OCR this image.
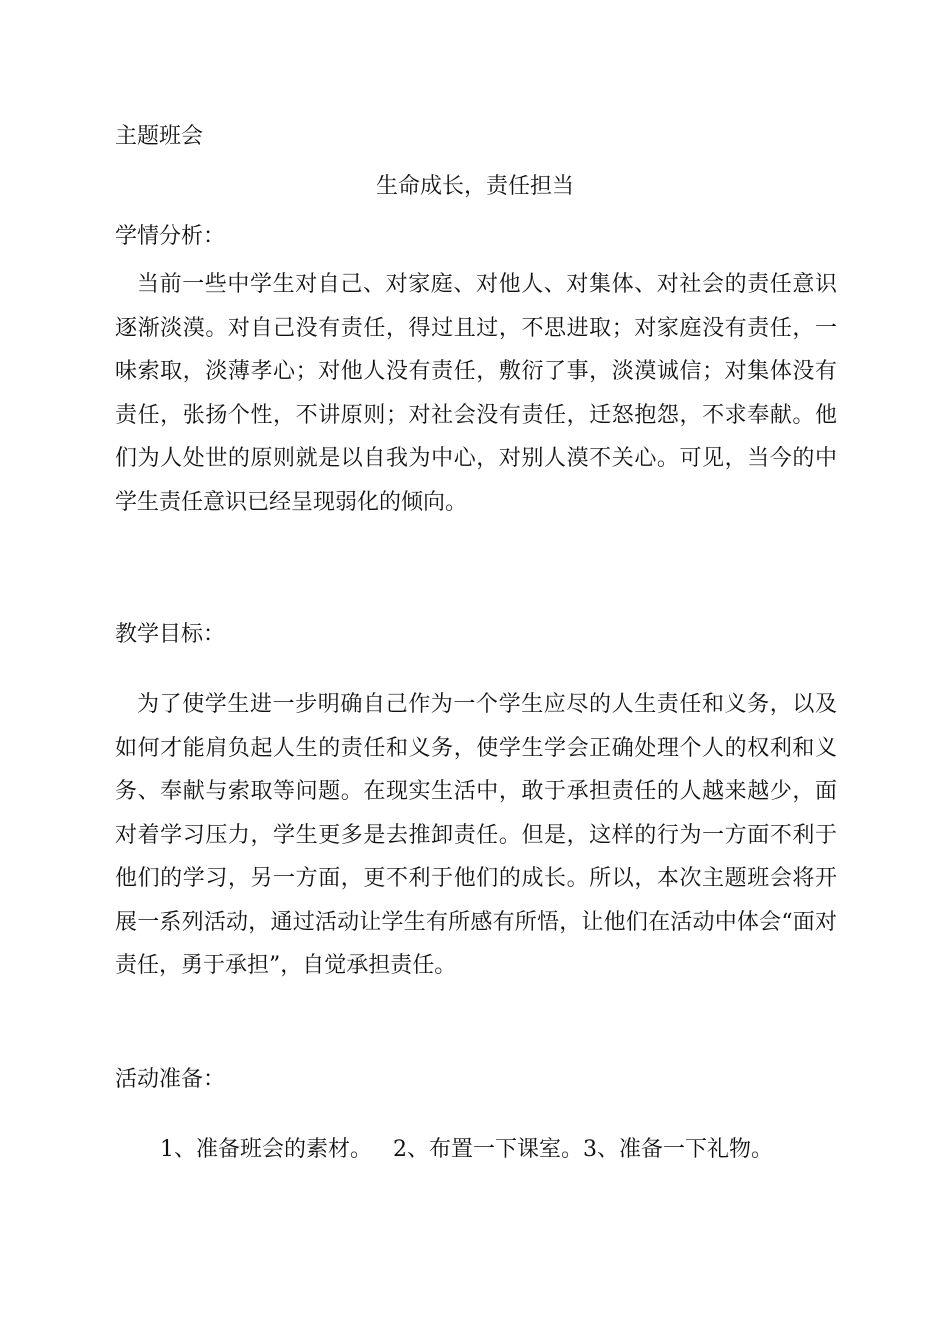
主题班会
生命成长，责任担当
学情分析：
当前一些中学生对自己、对家庭、对他人、对集体、对社会的责任意识逐渐淡漠。对自己没有责任，得过且过，不思进取；对家庭没有责任，一味索取，淡薄孝心；对他人没有责任，敷衍了事，淡漠诚信；对集体没有责任，张扬个性，不讲原则；对社会没有责任，迁怒抱怨，不求奉献。他们为人处世的原则就是以自我为中心，对别人漠不关心。可见，当今的中学生责任意识已经呈现弱化的倾向。
教学目标：
为了使学生进一步明确自己作为一个学生应尽的人生责任和义务，以及如何才能肩负起人生的责任和义务，使学生学会正确处理个人的权利和义务、奉献与索取等问题。在现实生活中，敢于承担责任的人越来越少，面对着学习压力，学生更多是去推卸责任。但是，这样的行为一方面不利于他们的学习，另一方面，更不利于他们的成长。所以，本次主题班会将开展一系列活动，通过活动让学生有所感有所悟，让他们在活动中体会“面对责任，勇于承担”，自觉承担责任。
活动准备：
1、准备班会的素材。   2、布置一下课室。3、准备一下礼物。
